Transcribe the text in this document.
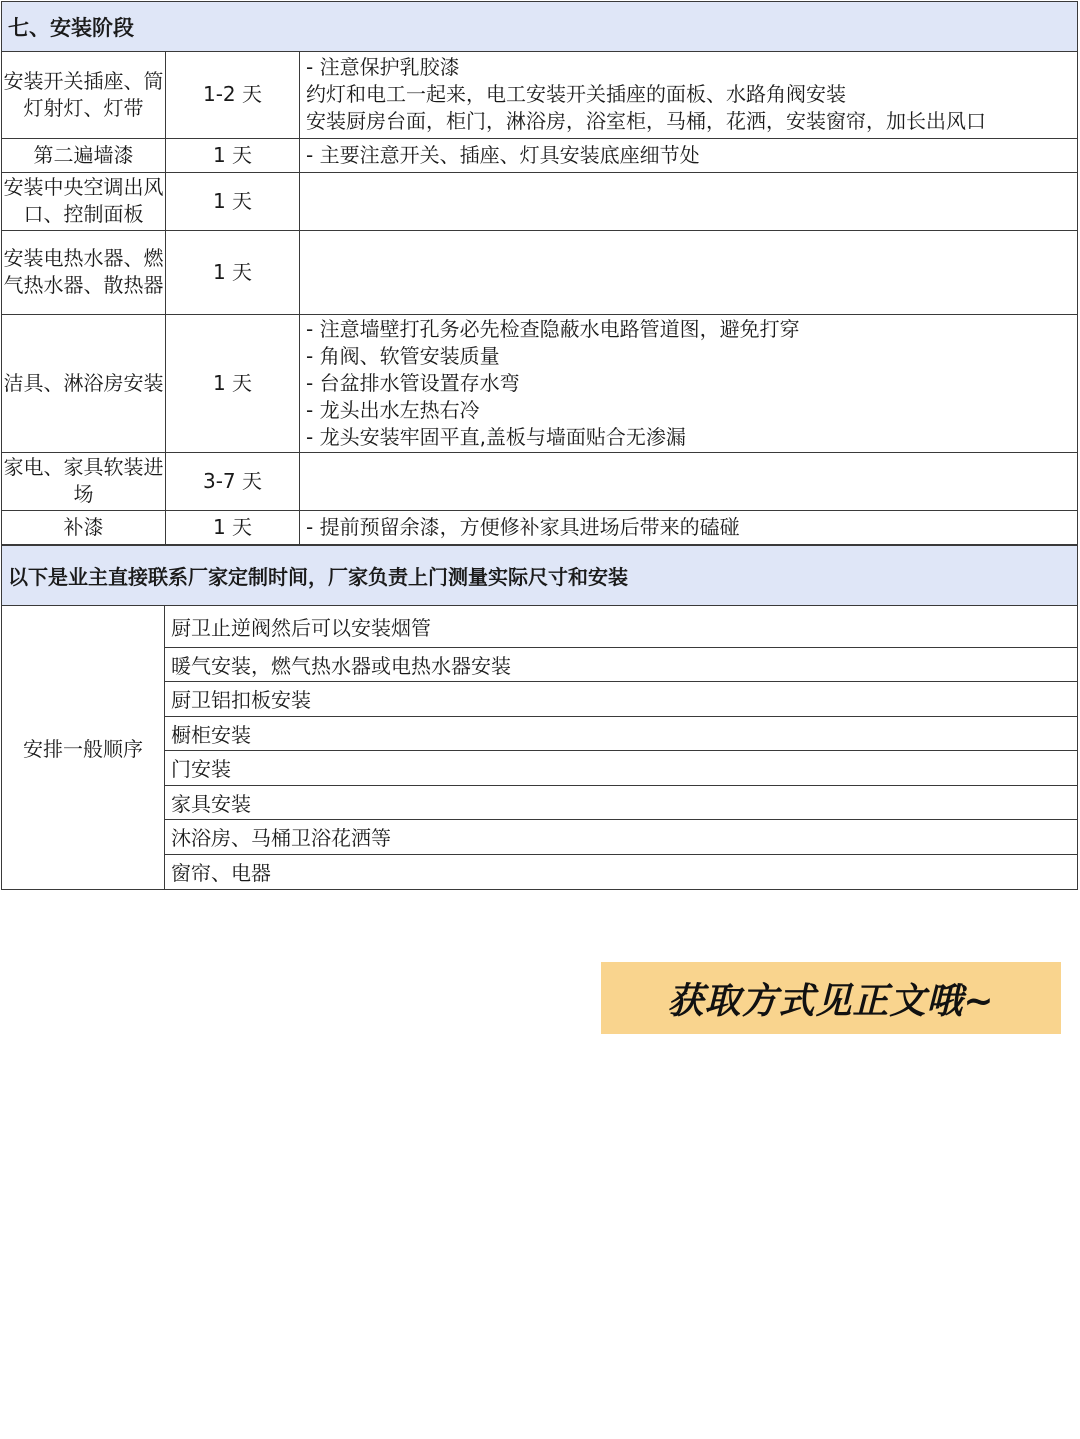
七、安装阶段
安装开关插座、筒灯射灯、灯带	1-2 天	- 注意保护乳胶漆
约灯和电工一起来，电工安装开关插座的面板、水路角阀安装
安装厨房台面，柜门，淋浴房，浴室柜，马桶，花洒，安装窗帘，加长出风口

第二遍墙漆	1 天	- 主要注意开关、插座、灯具安装底座细节处

安装中央空调出风口、控制面板	1 天	
安装电热水器、燃气热水器、散热器	1 天	
洁具、淋浴房安装	1 天	- 注意墙壁打孔务必先检查隐蔽水电路管道图，避免打穿
- 角阀、软管安装质量
- 台盆排水管设置存水弯
- 龙头出水左热右冷
- 龙头安装牢固平直,盖板与墙面贴合无渗漏

家电、家具软装进场	3-7 天	
补漆	1 天	- 提前预留余漆，方便修补家具进场后带来的磕碰
以下是业主直接联系厂家定制时间，厂家负责上门测量实际尺寸和安装
安排一般顺序
厨卫止逆阀然后可以安装烟管
暖气安装，燃气热水器或电热水器安装
厨卫铝扣板安装
橱柜安装
门安装
家具安装
沐浴房、马桶卫浴花洒等
窗帘、电器
获取方式见正文哦~
